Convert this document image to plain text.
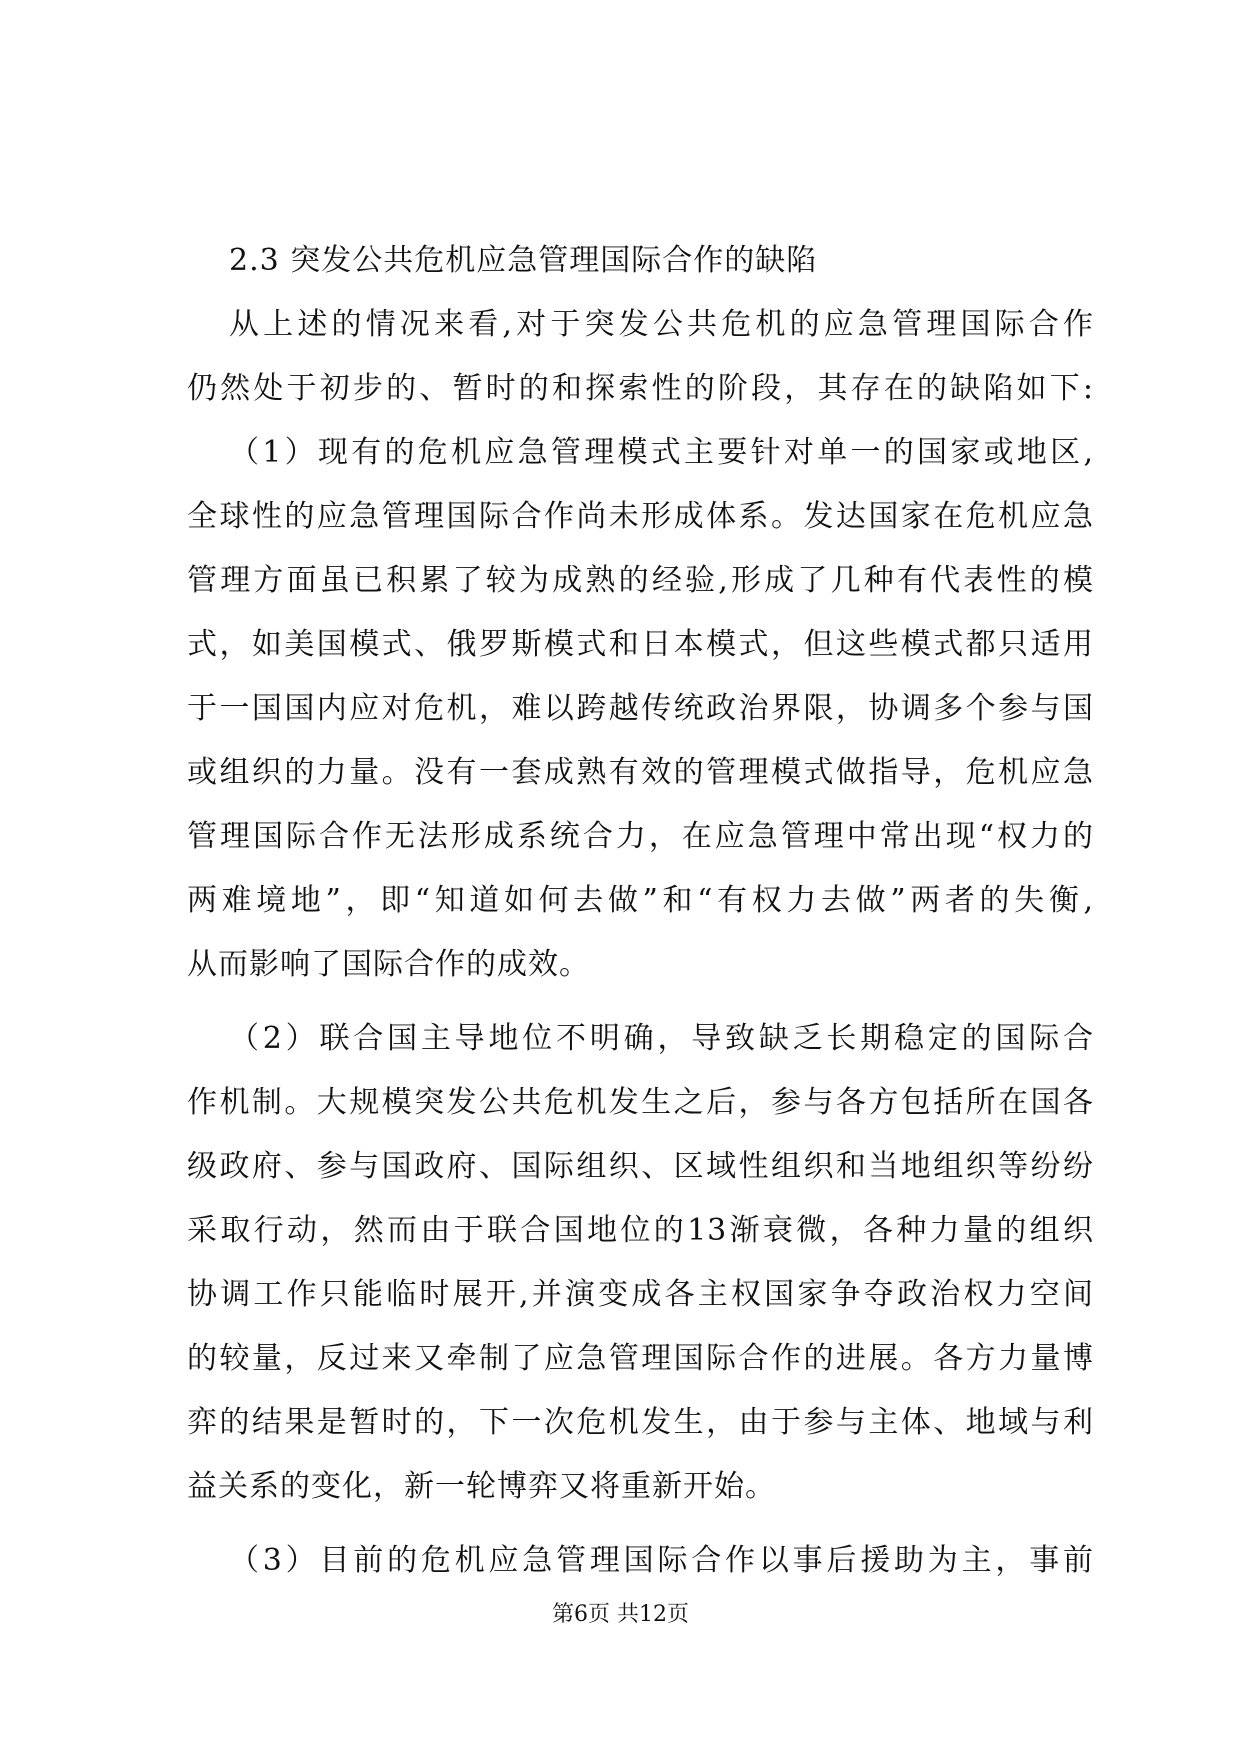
2.3 突发公共危机应急管理国际合作的缺陷
从上述的情况来看,对于突发公共危机的应急管理国际合作
仍然处于初步的、暂时的和探索性的阶段，其存在的缺陷如下:
（1）现有的危机应急管理模式主要针对单一的国家或地区,
全球性的应急管理国际合作尚未形成体系。发达国家在危机应急
管理方面虽已积累了较为成熟的经验,形成了几种有代表性的模
式，如美国模式、俄罗斯模式和日本模式，但这些模式都只适用
于一国国内应对危机，难以跨越传统政治界限，协调多个参与国
或组织的力量。没有一套成熟有效的管理模式做指导，危机应急
管理国际合作无法形成系统合力，在应急管理中常出现“权力的
两难境地”，即“知道如何去做”和“有权力去做”两者的失衡,
从而影响了国际合作的成效。
（2）联合国主导地位不明确，导致缺乏长期稳定的国际合
作机制。大规模突发公共危机发生之后，参与各方包括所在国各
级政府、参与国政府、国际组织、区域性组织和当地组织等纷纷
采取行动，然而由于联合国地位的13渐衰微，各种力量的组织
协调工作只能临时展开,并演变成各主权国家争夺政治权力空间
的较量，反过来又牵制了应急管理国际合作的进展。各方力量博
弈的结果是暂时的，下一次危机发生，由于参与主体、地域与利
益关系的变化，新一轮博弈又将重新开始。
（3）目前的危机应急管理国际合作以事后援助为主，事前
第6页 共12页
